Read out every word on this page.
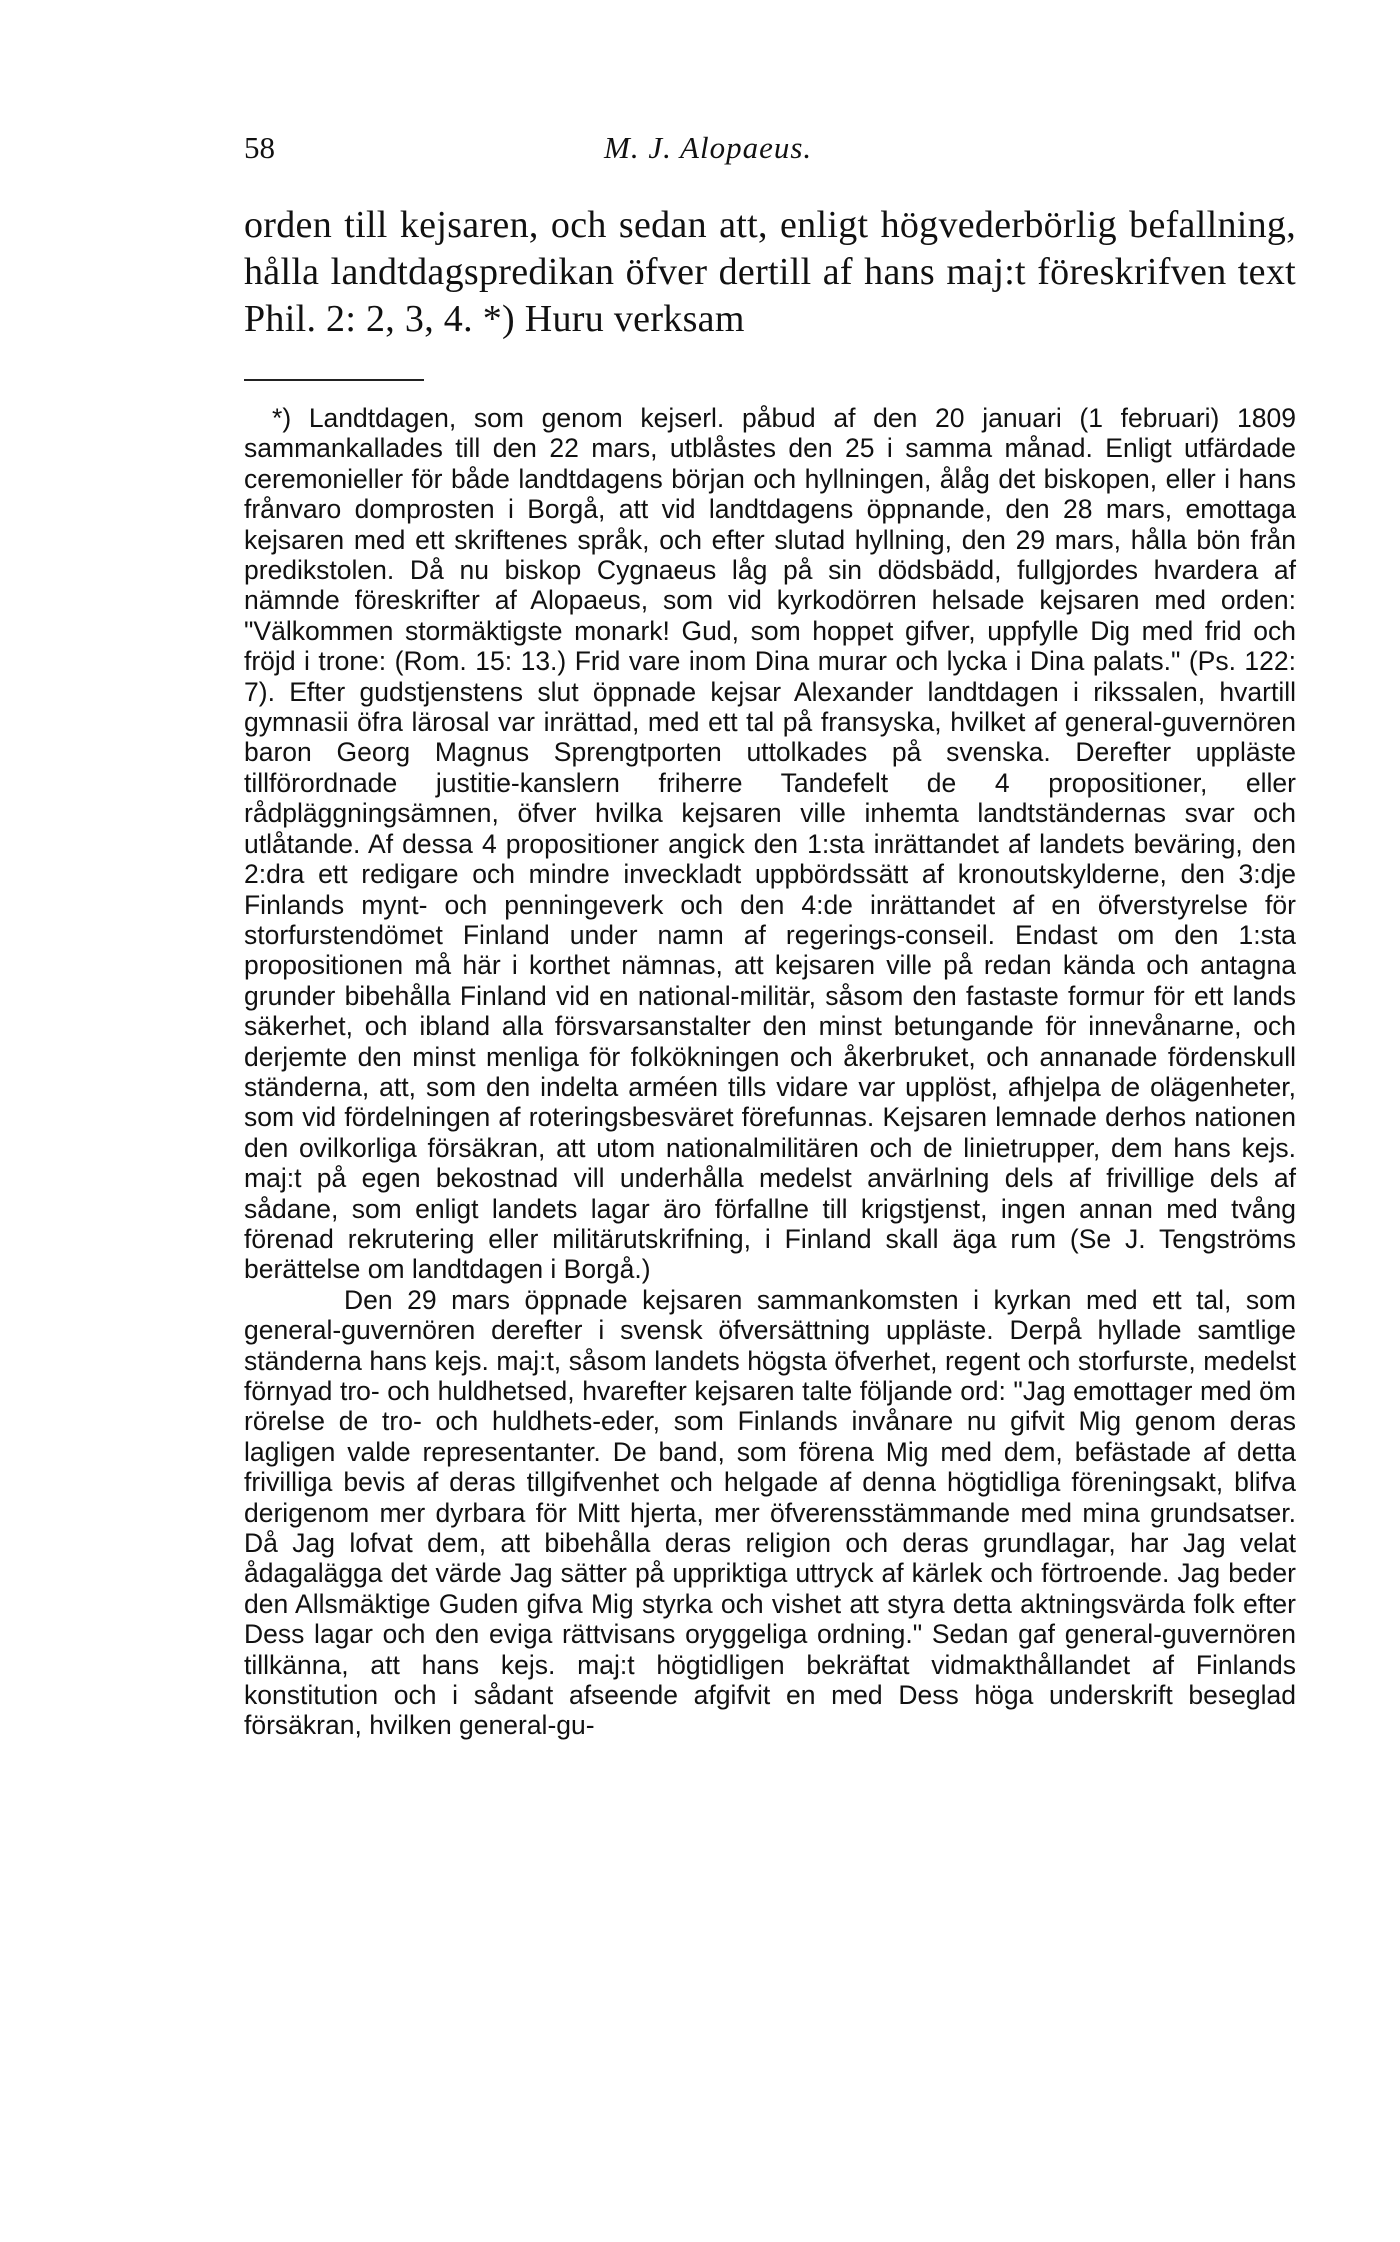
58	M. J. Alopaeus.

orden till kejsaren, och sedan att, enligt högvederbörlig befallning, hålla landtdagspredikan öfver dertill af hans maj:t föreskrifven text Phil. 2: 2, 3, 4. *) Huru verksam

*) Landtdagen, som genom kejserl. påbud af den 20 januari (1 februari) 1809 sammankallades till den 22 mars, utblåstes den 25 i samma månad. Enligt utfärdade ceremonieller för både landtdagens början och hyllningen, ålåg det biskopen, eller i hans frånvaro domprosten i Borgå, att vid landtdagens öppnande, den 28 mars, emottaga kejsaren med ett skriftenes språk, och efter slutad hyllning, den 29 mars, hålla bön från predikstolen. Då nu biskop Cygnaeus låg på sin dödsbädd, fullgjordes hvardera af nämnde föreskrifter af Alopaeus, som vid kyrkodörren helsade kejsaren med orden: "Välkommen stormäktigste monark! Gud, som hoppet gifver, uppfylle Dig med frid och fröjd i trone: (Rom. 15: 13.) Frid vare inom Dina murar och lycka i Dina palats." (Ps. 122: 7). Efter gudstjenstens slut öppnade kejsar Alexander landtdagen i rikssalen, hvartill gymnasii öfra lärosal var inrättad, med ett tal på fransyska, hvilket af general-guvernören baron Georg Magnus Sprengtporten uttolkades på svenska. Derefter uppläste tillförordnade justitie-kanslern friherre Tandefelt de 4 propositioner, eller rådpläggningsämnen, öfver hvilka kejsaren ville inhemta landtständernas svar och utlåtande. Af dessa 4 propositioner angick den 1:sta inrättandet af landets beväring, den 2:dra ett redigare och mindre inveckladt uppbördssätt af kronoutskylderne, den 3:dje Finlands mynt- och penningeverk och den 4:de inrättandet af en öfverstyrelse för storfurstendömet Finland under namn af regerings-conseil. Endast om den 1:sta propositionen må här i korthet nämnas, att kejsaren ville på redan kända och antagna grunder bibehålla Finland vid en national-militär, såsom den fastaste formur för ett lands säkerhet, och ibland alla försvarsanstalter den minst betungande för innevånarne, och derjemte den minst menliga för folkökningen och åkerbruket, och annanade fördenskull ständerna, att, som den indelta arméen tills vidare var upplöst, afhjelpa de olägenheter, som vid fördelningen af roteringsbesväret förefunnas. Kejsaren lemnade derhos nationen den ovilkorliga försäkran, att utom nationalmilitären och de linietrupper, dem hans kejs. maj:t på egen bekostnad vill underhålla medelst anvärlning dels af frivillige dels af sådane, som enligt landets lagar äro förfallne till krigstjenst, ingen annan med tvång förenad rekrutering eller militärutskrifning, i Finland skall äga rum (Se J. Tengströms berättelse om landtdagen i Borgå.)

Den 29 mars öppnade kejsaren sammankomsten i kyrkan med ett tal, som general-guvernören derefter i svensk öfversättning uppläste. Derpå hyllade samtlige ständerna hans kejs. maj:t, såsom landets högsta öfverhet, regent och storfurste, medelst förnyad tro- och huldhetsed, hvarefter kejsaren talte följande ord: "Jag emottager med öm rörelse de tro- och huldhets-eder, som Finlands invånare nu gifvit Mig genom deras lagligen valde representanter. De band, som förena Mig med dem, befästade af detta frivilliga bevis af deras tillgifvenhet och helgade af denna högtidliga föreningsakt, blifva derigenom mer dyrbara för Mitt hjerta, mer öfverensstämmande med mina grundsatser. Då Jag lofvat dem, att bibehålla deras religion och deras grundlagar, har Jag velat ådagalägga det värde Jag sätter på uppriktiga uttryck af kärlek och förtroende. Jag beder den Allsmäktige Guden gifva Mig styrka och vishet att styra detta aktningsvärda folk efter Dess lagar och den eviga rättvisans oryggeliga ordning." Sedan gaf general-guvernören tillkänna, att hans kejs. maj:t högtidligen bekräftat vidmakthållandet af Finlands konstitution och i sådant afseende afgifvit en med Dess höga underskrift beseglad försäkran, hvilken general-gu-
